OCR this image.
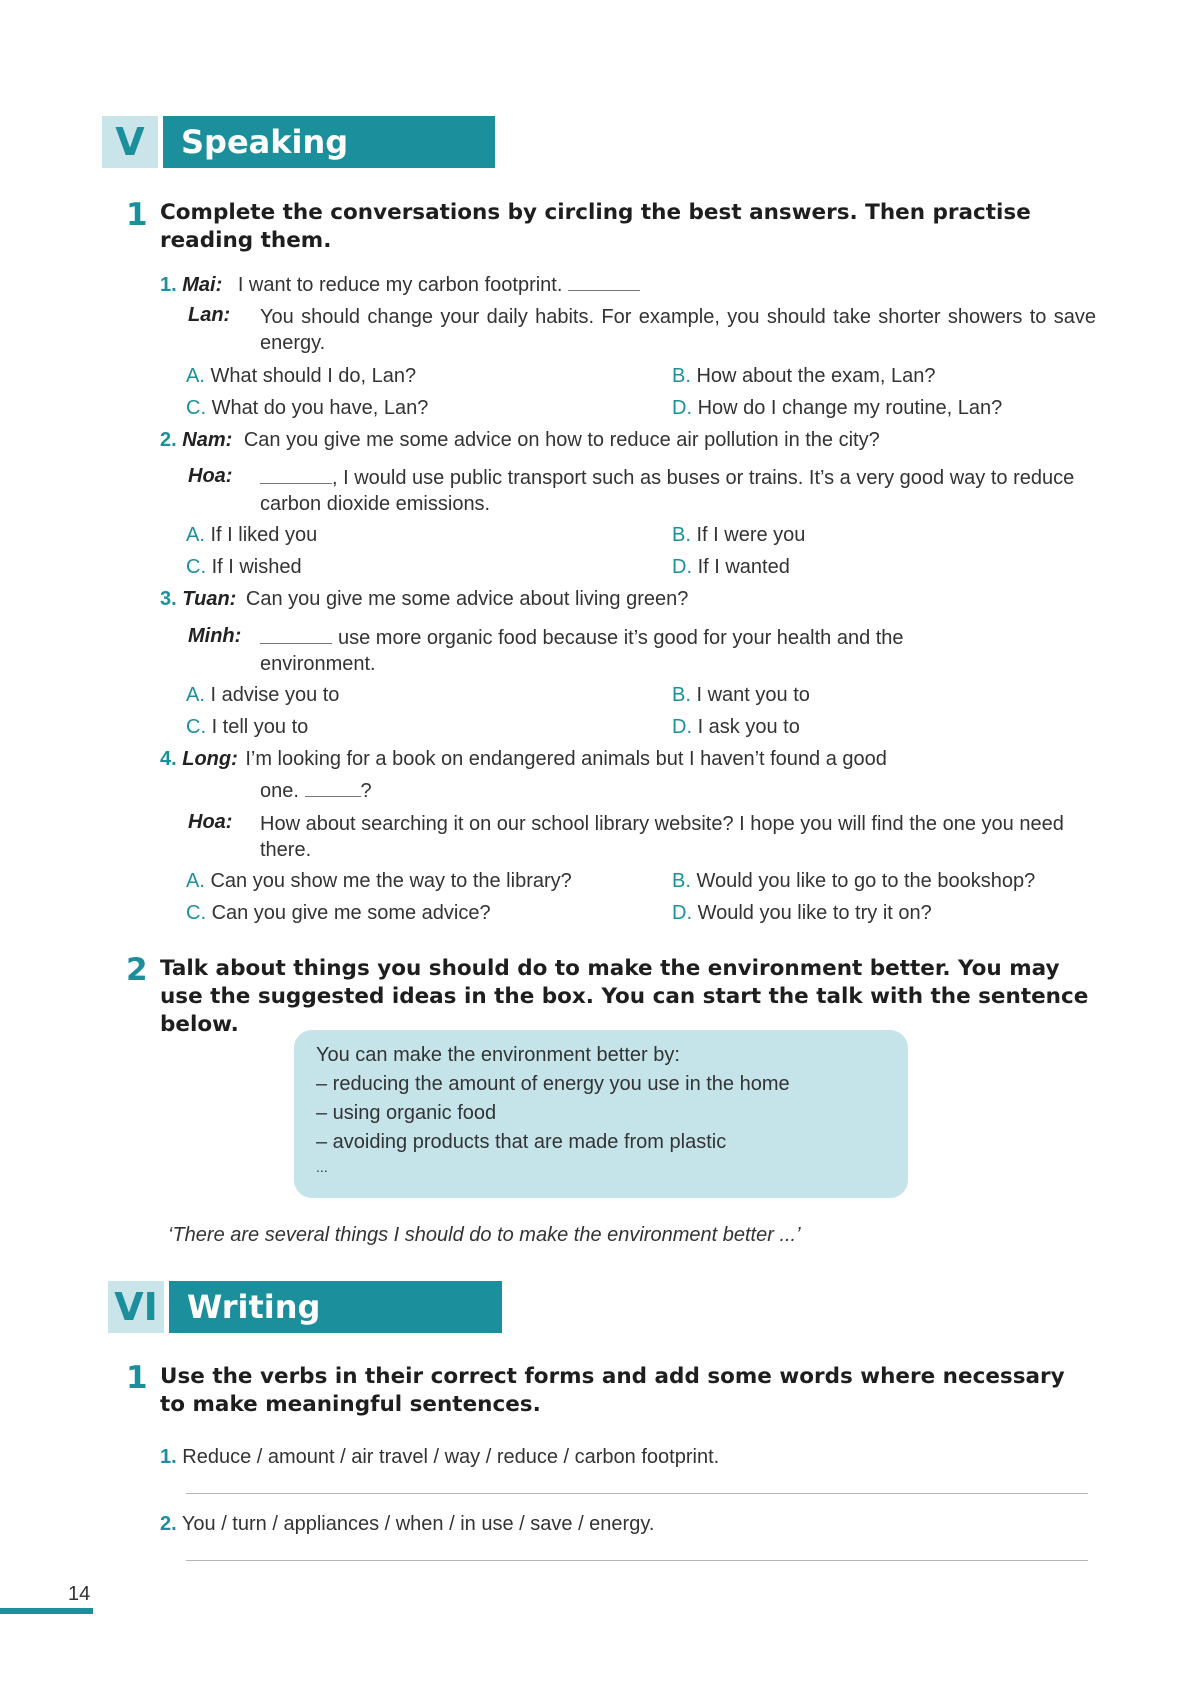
V	Speaking
1 Complete the conversations by circling the best answers. Then practise reading them.
1. Mai: I want to reduce my carbon footprint.
Lan: You should change your daily habits. For example, you should take shorter showers to save energy.
A. What should I do, Lan?	B. How about the exam, Lan?
C. What do you have, Lan?	D. How do I change my routine, Lan?
2. Nam: Can you give me some advice on how to reduce air pollution in the city?
Hoa:	, I would use public transport such as buses or trains. It’s a very good way to reduce carbon dioxide emissions.
A. If I liked you	B. If I were you
C. If I wished	D. If I wanted
3. Tuan: Can you give me some advice about living green?
Minh:	use more organic food because it’s good for your health and the environment.
A. I advise you to	B. I want you to
C. I tell you to	D. I ask you to
4. Long: I’m looking for a book on endangered animals but I haven’t found a good
one.	?
Hoa: How about searching it on our school library website? I hope you will find the one you need there.
A. Can you show me the way to the library?	B. Would you like to go to the bookshop?
C. Can you give me some advice?	D. Would you like to try it on?
2 Talk about things you should do to make the environment better. You may use the suggested ideas in the box. You can start the talk with the sentence below.
You can make the environment better by:
– reducing the amount of energy you use in the home
– using organic food
– avoiding products that are made from plastic
...
‘There are several things I should do to make the environment better ...’
VI Writing
1 Use the verbs in their correct forms and add some words where necessary to make meaningful sentences.
1. Reduce / amount / air travel / way / reduce / carbon footprint.
2. You / turn / appliances / when / in use / save / energy.
14
